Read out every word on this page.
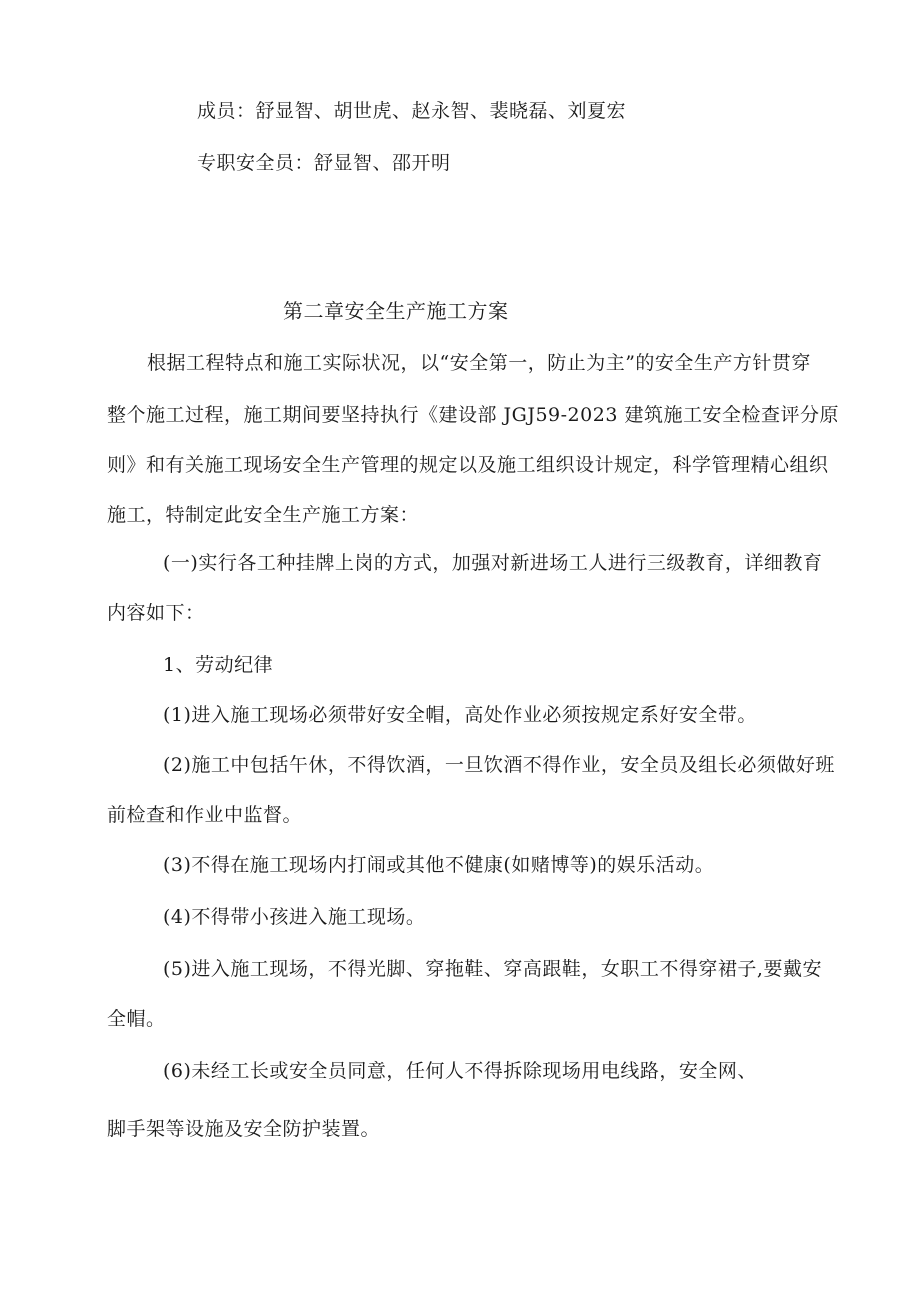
成员：舒显智、胡世虎、赵永智、裴晓磊、刘夏宏
专职安全员：舒显智、邵开明
第二章安全生产施工方案
根据工程特点和施工实际状况，以“安全第一，防止为主”的安全生产方针贯穿
整个施工过程，施工期间要坚持执行《建设部 JGJ59-2023 建筑施工安全检查评分原
则》和有关施工现场安全生产管理的规定以及施工组织设计规定，科学管理精心组织
施工，特制定此安全生产施工方案：
(一)实行各工种挂牌上岗的方式，加强对新进场工人进行三级教育，详细教育
内容如下：
1、劳动纪律
(1)进入施工现场必须带好安全帽，高处作业必须按规定系好安全带。
(2)施工中包括午休，不得饮酒，一旦饮酒不得作业，安全员及组长必须做好班
前检查和作业中监督。
(3)不得在施工现场内打闹或其他不健康(如赌博等)的娱乐活动。
(4)不得带小孩进入施工现场。
(5)进入施工现场，不得光脚、穿拖鞋、穿高跟鞋，女职工不得穿裙子,要戴安
全帽。
(6)未经工长或安全员同意，任何人不得拆除现场用电线路，安全网、
脚手架等设施及安全防护装置。
